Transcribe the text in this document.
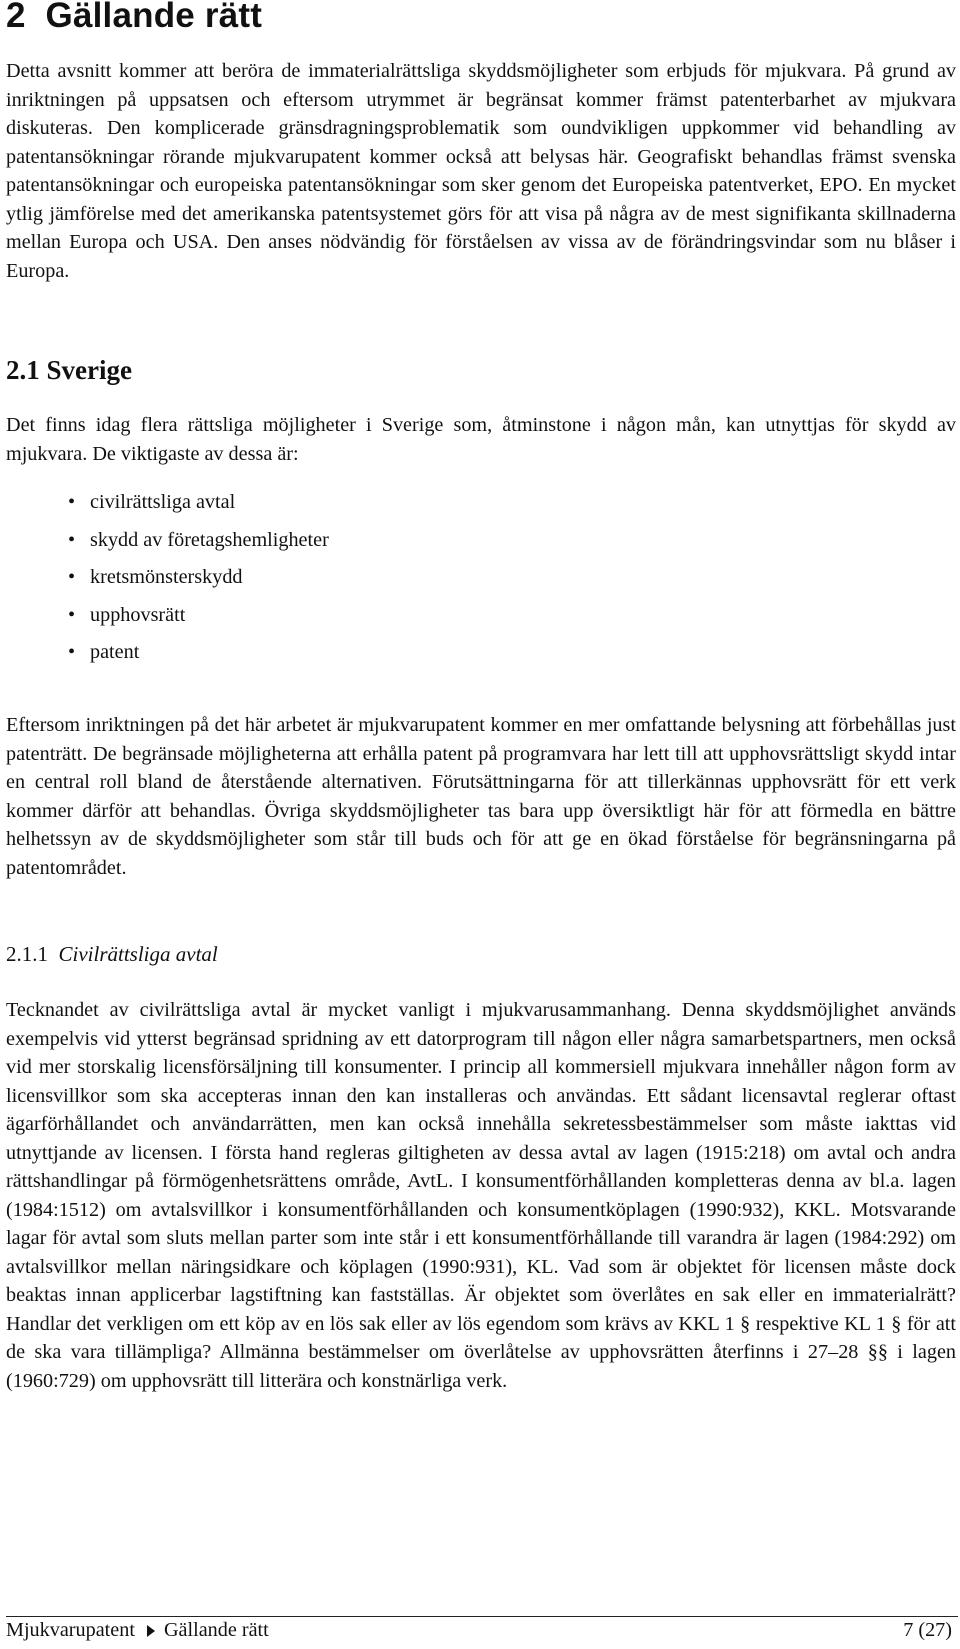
2 Gällande rätt

Detta avsnitt kommer att beröra de immaterialrättsliga skyddsmöjligheter som erbjuds för mjukvara. På grund av inriktningen på uppsatsen och eftersom utrymmet är begränsat kommer främst patenterbarhet av mjukvara diskuteras. Den komplicerade gränsdragningsproblematik som oundvikligen uppkommer vid behandling av patentansökningar rörande mjukvarupatent kommer också att belysas här. Geografiskt behandlas främst svenska patentansökningar och europeiska patentansökningar som sker genom det Europeiska patentverket, EPO. En mycket ytlig jämförelse med det amerikanska patentsystemet görs för att visa på några av de mest signifikanta skillnaderna mellan Europa och USA. Den anses nödvändig för förståelsen av vissa av de förändringsvindar som nu blåser i Europa.

2.1 Sverige

Det finns idag flera rättsliga möjligheter i Sverige som, åtminstone i någon mån, kan utnyttjas för skydd av mjukvara. De viktigaste av dessa är:

• civilrättsliga avtal
• skydd av företagshemligheter
• kretsmönsterskydd
• upphovsrätt
• patent

Eftersom inriktningen på det här arbetet är mjukvarupatent kommer en mer omfattande belysning att förbehållas just patenträtt. De begränsade möjligheterna att erhålla patent på programvara har lett till att upphovsrättsligt skydd intar en central roll bland de återstående alternativen. Förutsättningarna för att tillerkännas upphovsrätt för ett verk kommer därför att behandlas. Övriga skyddsmöjligheter tas bara upp översiktligt här för att förmedla en bättre helhetssyn av de skyddsmöjligheter som står till buds och för att ge en ökad förståelse för begränsningarna på patentområdet.

2.1.1 Civilrättsliga avtal

Tecknandet av civilrättsliga avtal är mycket vanligt i mjukvarusammanhang. Denna skyddsmöjlighet används exempelvis vid ytterst begränsad spridning av ett datorprogram till någon eller några samarbetspartners, men också vid mer storskalig licensförsäljning till konsumenter. I princip all kommersiell mjukvara innehåller någon form av licensvillkor som ska accepteras innan den kan installeras och användas. Ett sådant licensavtal reglerar oftast ägarförhållandet och användarrätten, men kan också innehålla sekretessbestämmelser som måste iakttas vid utnyttjande av licensen. I första hand regleras giltigheten av dessa avtal av lagen (1915:218) om avtal och andra rättshandlingar på förmögenhetsrättens område, AvtL. I konsumentförhållanden kompletteras denna av bl.a. lagen (1984:1512) om avtalsvillkor i konsumentförhållanden och konsumentköplagen (1990:932), KKL. Motsvarande lagar för avtal som sluts mellan parter som inte står i ett konsumentförhållande till varandra är lagen (1984:292) om avtalsvillkor mellan näringsidkare och köplagen (1990:931), KL. Vad som är objektet för licensen måste dock beaktas innan applicerbar lagstiftning kan fastställas. Är objektet som överlåtes en sak eller en immaterialrätt? Handlar det verkligen om ett köp av en lös sak eller av lös egendom som krävs av KKL 1 § respektive KL 1 § för att de ska vara tillämpliga? Allmänna bestämmelser om överlåtelse av upphovsrätten återfinns i 27–28 §§ i lagen (1960:729) om upphovsrätt till litterära och konstnärliga verk.

Mjukvarupatent Gällande rätt	7 (27)
